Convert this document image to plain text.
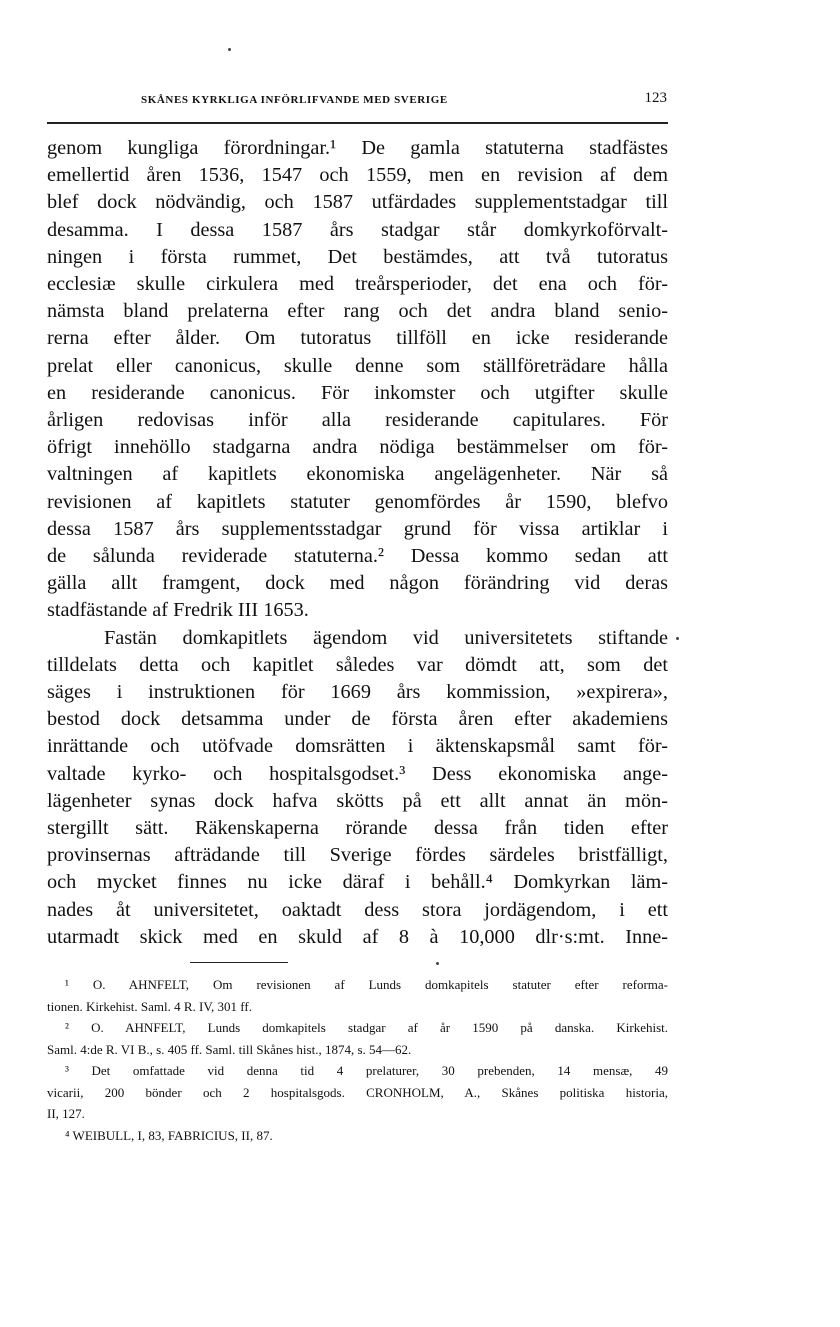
SKÅNES KYRKLIGA INFÖRLIFVANDE MED SVERIGE	123
genom kungliga förordningar.¹ De gamla statuterna stadfästes
emellertid åren 1536, 1547 och 1559, men en revision af dem
blef dock nödvändig, och 1587 utfärdades supplementstadgar till
desamma. I dessa 1587 års stadgar står domkyrkoförvalt-
ningen i första rummet, Det bestämdes, att två tutoratus
ecclesiæ skulle cirkulera med treårsperioder, det ena och för-
nämsta bland prelaterna efter rang och det andra bland senio-
rerna efter ålder. Om tutoratus tillföll en icke residerande
prelat eller canonicus, skulle denne som ställföreträdare hålla
en residerande canonicus. För inkomster och utgifter skulle
årligen redovisas inför alla residerande capitulares. För
öfrigt innehöllo stadgarna andra nödiga bestämmelser om för-
valtningen af kapitlets ekonomiska angelägenheter. När så
revisionen af kapitlets statuter genomfördes år 1590, blefvo
dessa 1587 års supplementsstadgar grund för vissa artiklar i
de sålunda reviderade statuterna.² Dessa kommo sedan att
gälla allt framgent, dock med någon förändring vid deras
stadfästande af Fredrik III 1653.
Fastän domkapitlets ägendom vid universitetets stiftande
tilldelats detta och kapitlet således var dömdt att, som det
säges i instruktionen för 1669 års kommission, »expirera»,
bestod dock detsamma under de första åren efter akademiens
inrättande och utöfvade domsrätten i äktenskapsmål samt för-
valtade kyrko- och hospitalsgodset.³ Dess ekonomiska ange-
lägenheter synas dock hafva skötts på ett allt annat än mön-
stergillt sätt. Räkenskaperna rörande dessa från tiden efter
provinsernas afträdande till Sverige fördes särdeles bristfälligt,
och mycket finnes nu icke däraf i behåll.⁴ Domkyrkan läm-
nades åt universitetet, oaktadt dess stora jordägendom, i ett
utarmadt skick med en skuld af 8 à 10,000 dlr·s:mt. Inne-
¹ O. AHNFELT, Om revisionen af Lunds domkapitels statuter efter reforma-
tionen. Kirkehist. Saml. 4 R. IV, 301 ff.
² O. AHNFELT, Lunds domkapitels stadgar af år 1590 på danska. Kirkehist.
Saml. 4:de R. VI B., s. 405 ff. Saml. till Skånes hist., 1874, s. 54—62.
³ Det omfattade vid denna tid 4 prelaturer, 30 prebenden, 14 mensæ, 49
vicarii, 200 bönder och 2 hospitalsgods. CRONHOLM, A., Skånes politiska historia,
II, 127.
⁴ WEIBULL, I, 83, FABRICIUS, II, 87.
